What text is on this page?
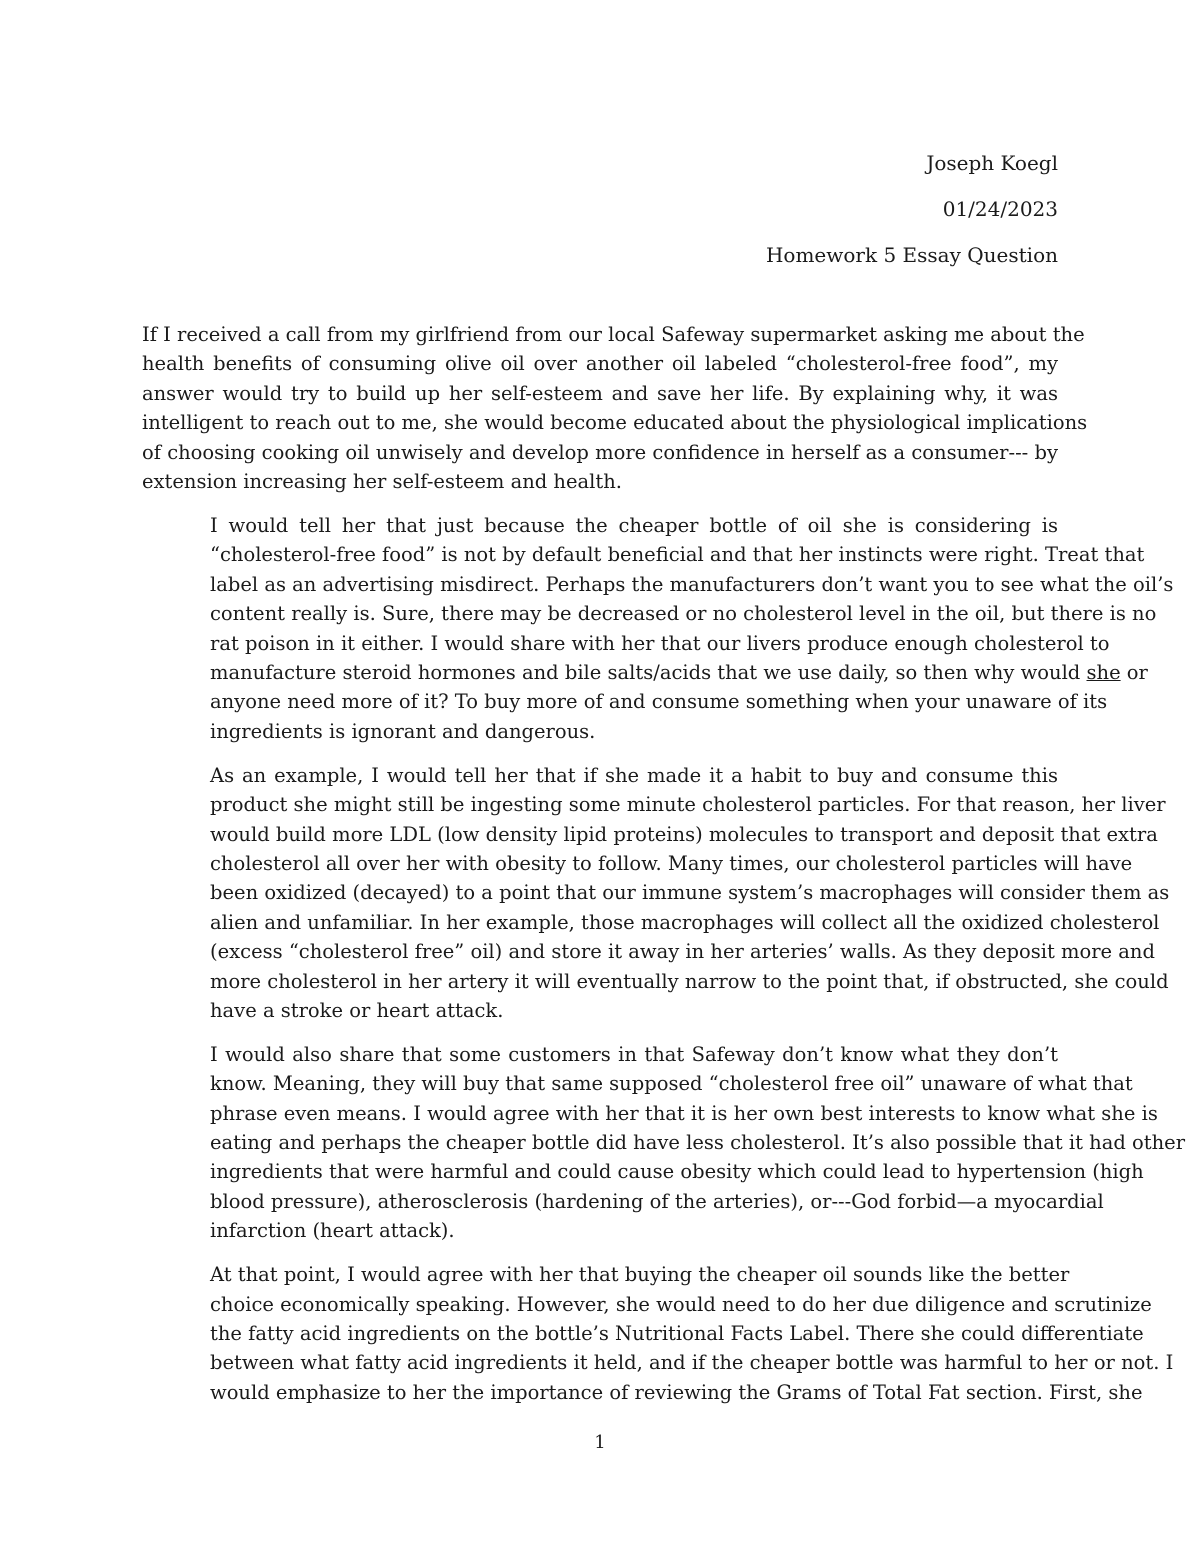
Joseph Koegl
01/24/2023
Homework 5 Essay Question

If I received a call from my girlfriend from our local Safeway supermarket asking me about the
health benefits of consuming olive oil over another oil labeled “cholesterol-free food”, my
answer would try to build up her self-esteem and save her life. By explaining why, it was
intelligent to reach out to me, she would become educated about the physiological implications
of choosing cooking oil unwisely and develop more confidence in herself as a consumer--- by
extension increasing her self-esteem and health.

I would tell her that just because the cheaper bottle of oil she is considering is
“cholesterol-free food” is not by default beneficial and that her instincts were right. Treat that
label as an advertising misdirect. Perhaps the manufacturers don’t want you to see what the oil’s
content really is. Sure, there may be decreased or no cholesterol level in the oil, but there is no
rat poison in it either. I would share with her that our livers produce enough cholesterol to
manufacture steroid hormones and bile salts/acids that we use daily, so then why would she or
anyone need more of it? To buy more of and consume something when your unaware of its
ingredients is ignorant and dangerous.

As an example, I would tell her that if she made it a habit to buy and consume this
product she might still be ingesting some minute cholesterol particles. For that reason, her liver
would build more LDL (low density lipid proteins) molecules to transport and deposit that extra
cholesterol all over her with obesity to follow. Many times, our cholesterol particles will have
been oxidized (decayed) to a point that our immune system’s macrophages will consider them as
alien and unfamiliar. In her example, those macrophages will collect all the oxidized cholesterol
(excess “cholesterol free” oil) and store it away in her arteries’ walls. As they deposit more and
more cholesterol in her artery it will eventually narrow to the point that, if obstructed, she could
have a stroke or heart attack.

I would also share that some customers in that Safeway don’t know what they don’t
know. Meaning, they will buy that same supposed “cholesterol free oil” unaware of what that
phrase even means. I would agree with her that it is her own best interests to know what she is
eating and perhaps the cheaper bottle did have less cholesterol. It’s also possible that it had other
ingredients that were harmful and could cause obesity which could lead to hypertension (high
blood pressure), atherosclerosis (hardening of the arteries), or---God forbid—a myocardial
infarction (heart attack).

At that point, I would agree with her that buying the cheaper oil sounds like the better
choice economically speaking. However, she would need to do her due diligence and scrutinize
the fatty acid ingredients on the bottle’s Nutritional Facts Label. There she could differentiate
between what fatty acid ingredients it held, and if the cheaper bottle was harmful to her or not. I
would emphasize to her the importance of reviewing the Grams of Total Fat section. First, she

1
